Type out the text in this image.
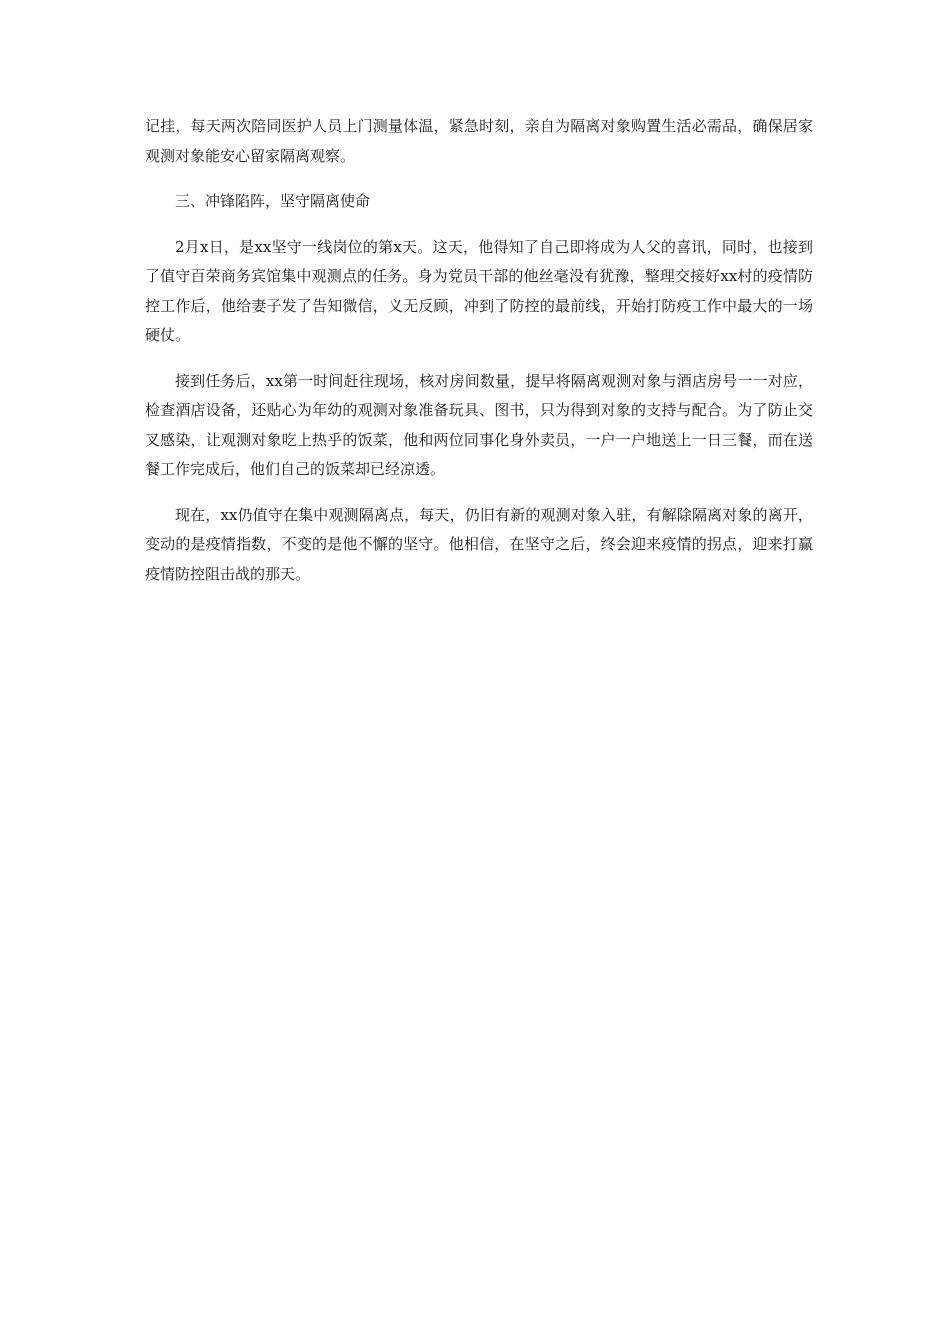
记挂，每天两次陪同医护人员上门测量体温，紧急时刻，亲自为隔离对象购置生活必需品，确保居家观测对象能安心留家隔离观察。

三、冲锋陷阵，坚守隔离使命

2月x日，是xx坚守一线岗位的第x天。这天，他得知了自己即将成为人父的喜讯，同时，也接到了值守百荣商务宾馆集中观测点的任务。身为党员干部的他丝毫没有犹豫，整理交接好xx村的疫情防控工作后，他给妻子发了告知微信，义无反顾，冲到了防控的最前线，开始打防疫工作中最大的一场硬仗。

接到任务后，xx第一时间赶往现场，核对房间数量，提早将隔离观测对象与酒店房号一一对应，检查酒店设备，还贴心为年幼的观测对象准备玩具、图书，只为得到对象的支持与配合。为了防止交叉感染，让观测对象吃上热乎的饭菜，他和两位同事化身外卖员，一户一户地送上一日三餐，而在送餐工作完成后，他们自己的饭菜却已经凉透。

现在，xx仍值守在集中观测隔离点，每天，仍旧有新的观测对象入驻，有解除隔离对象的离开，变动的是疫情指数，不变的是他不懈的坚守。他相信，在坚守之后，终会迎来疫情的拐点，迎来打赢疫情防控阻击战的那天。
